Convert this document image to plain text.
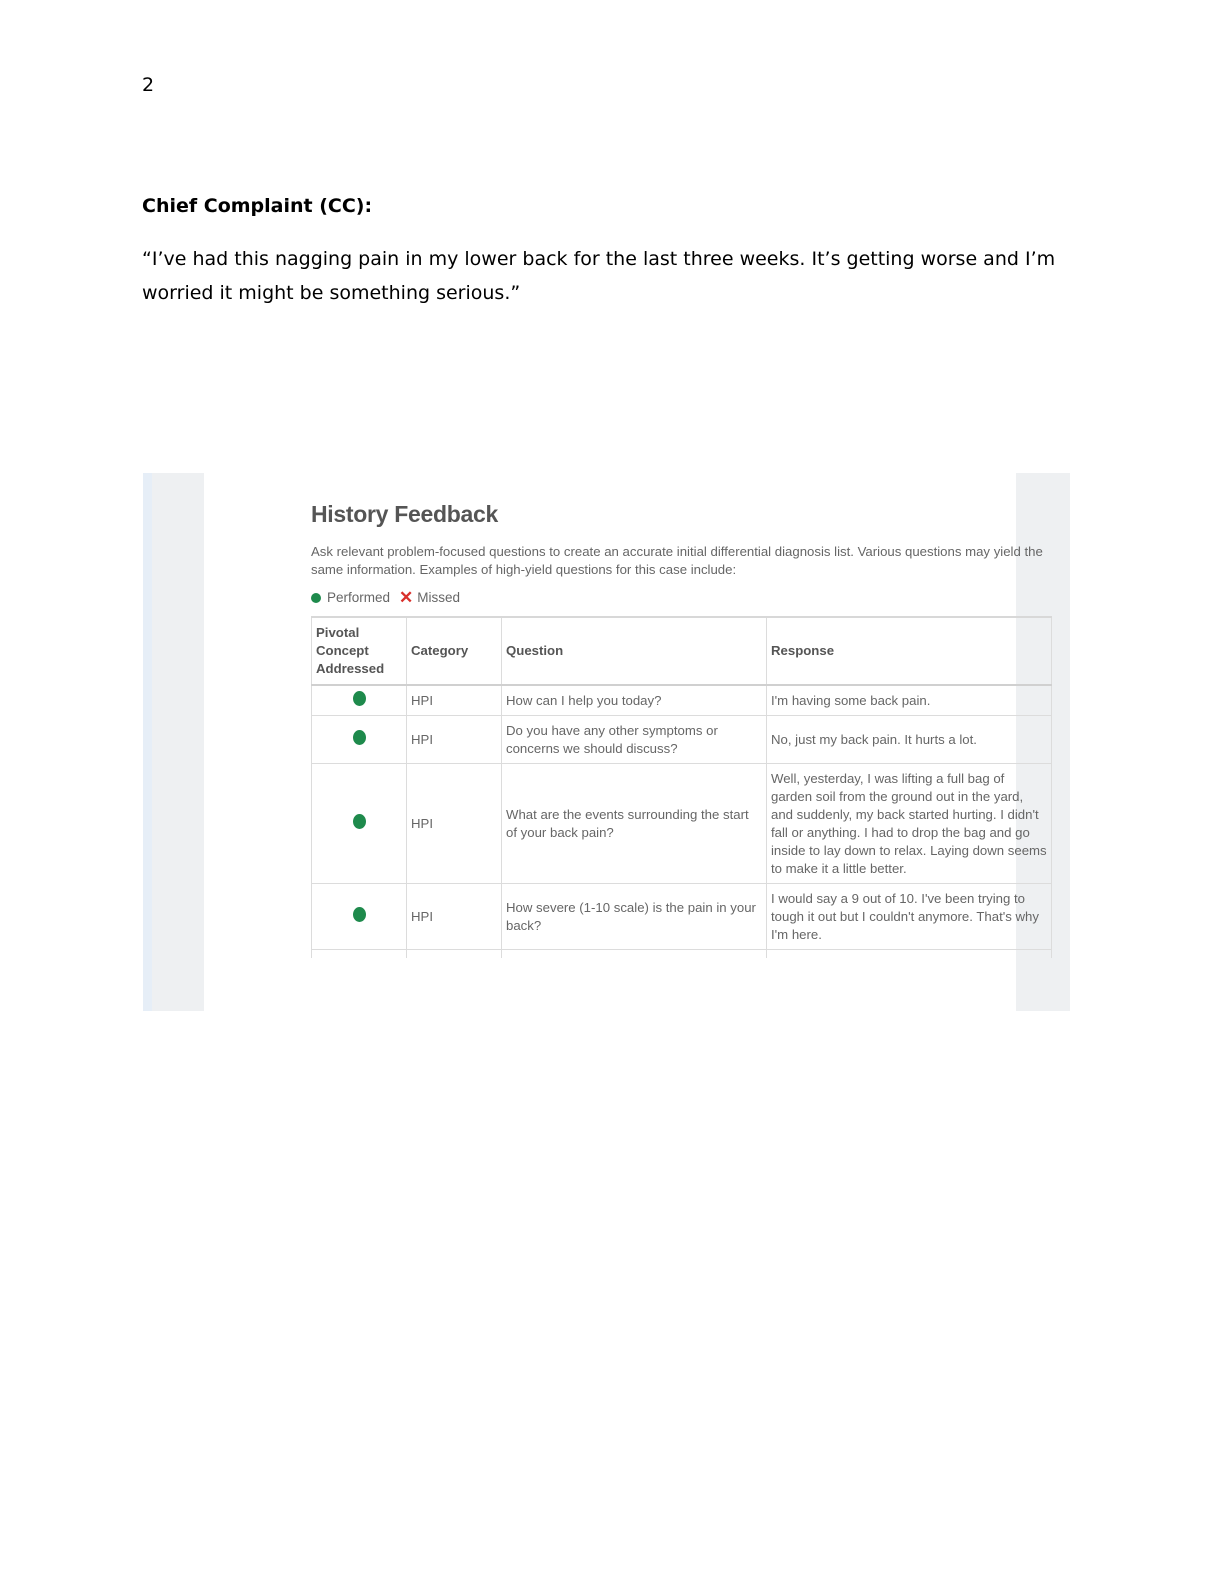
2
Chief Complaint (CC):
“I’ve had this nagging pain in my lower back for the last three weeks. It’s getting worse and I’m
worried it might be something serious.”
History Feedback
Ask relevant problem-focused questions to create an accurate initial differential diagnosis list. Various questions may yield the same information. Examples of high-yield questions for this case include:
Performed ✕ Missed
Pivotal Concept Addressed	Category	Question	Response
	HPI	How can I help you today?	I'm having some back pain.
	HPI	Do you have any other symptoms or concerns we should discuss?	No, just my back pain. It hurts a lot.
	HPI	What are the events surrounding the start of your back pain?	Well, yesterday, I was lifting a full bag of garden soil from the ground out in the yard, and suddenly, my back started hurting. I didn't fall or anything. I had to drop the bag and go inside to lay down to relax. Laying down seems to make it a little better.
	HPI	How severe (1-10 scale) is the pain in your back?	I would say a 9 out of 10. I've been trying to tough it out but I couldn't anymore. That's why I'm here.
